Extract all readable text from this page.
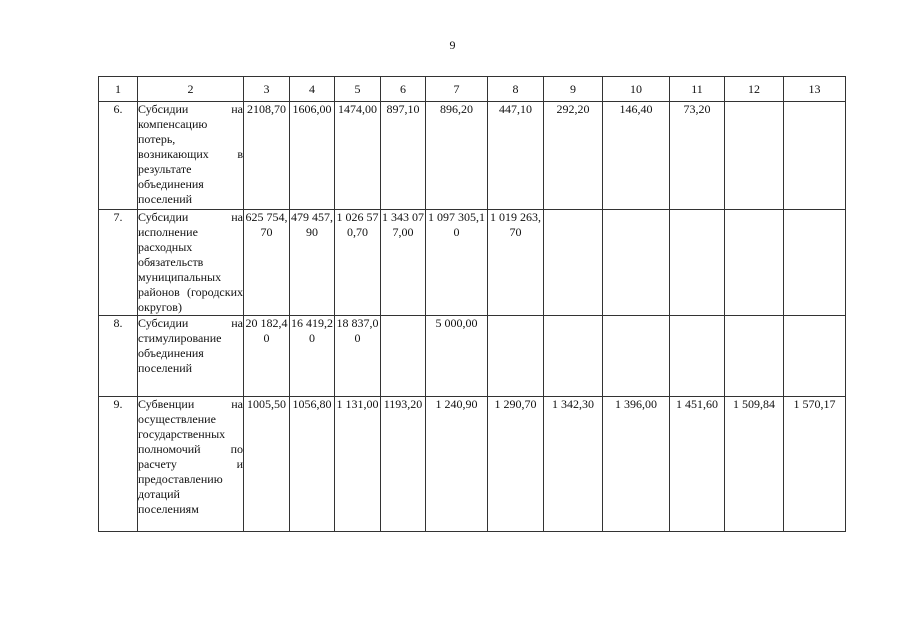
9
1	2	3	4	5	6	7	8	9	10	11	12	13
6.	Субсидии на компенсацию потерь, возникающих в результате объединения поселений	2108,70	1606,00	1474,00	897,10	896,20	447,10	292,20	146,40	73,20		
7.	Субсидии на исполнение расходных обязательств муниципальных районов (городских округов)	625 754,70	479 457,90	1 026 570,70	1 343 077,00	1 097 305,10	1 019 263,70					
8.	Субсидии на стимулирование объединения поселений	20 182,40	16 419,20	18 837,00		5 000,00						
9.	Субвенции на осуществление государственных полномочий по расчету и предоставлению дотаций поселениям	1005,50	1056,80	1 131,00	1193,20	1 240,90	1 290,70	1 342,30	1 396,00	1 451,60	1 509,84	1 570,17
